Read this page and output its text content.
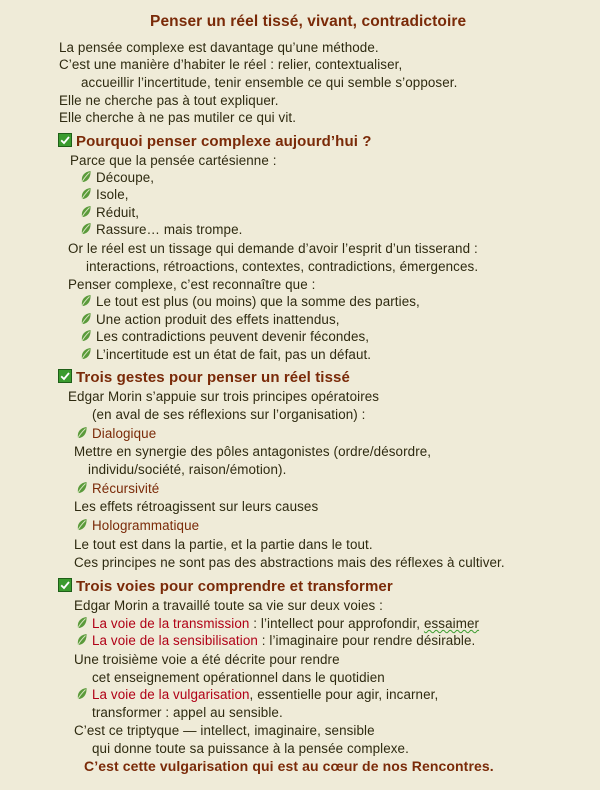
Penser un réel tissé, vivant, contradictoire
La pensée complexe est davantage qu’une méthode.
C’est une manière d’habiter le réel : relier, contextualiser,
accueillir l’incertitude, tenir ensemble ce qui semble s’opposer.
Elle ne cherche pas à tout expliquer.
Elle cherche à ne pas mutiler ce qui vit.
Pourquoi penser complexe aujourd’hui ?
Parce que la pensée cartésienne :
Découpe,
Isole,
Réduit,
Rassure… mais trompe.
Or le réel est un tissage qui demande d’avoir l’esprit d’un tisserand :
interactions, rétroactions, contextes, contradictions, émergences.
Penser complexe, c’est reconnaître que :
Le tout est plus (ou moins) que la somme des parties,
Une action produit des effets inattendus,
Les contradictions peuvent devenir fécondes,
L’incertitude est un état de fait, pas un défaut.
Trois gestes pour penser un réel tissé
Edgar Morin s’appuie sur trois principes opératoires
(en aval de ses réflexions sur l’organisation) :
Dialogique
Mettre en synergie des pôles antagonistes (ordre/désordre,
individu/société, raison/émotion).
Récursivité
Les effets rétroagissent sur leurs causes
Hologrammatique
Le tout est dans la partie, et la partie dans le tout.
Ces principes ne sont pas des abstractions mais des réflexes à cultiver.
Trois voies pour comprendre et transformer
Edgar Morin a travaillé toute sa vie sur deux voies :
La voie de la transmission : l’intellect pour approfondir, essaimer
La voie de la sensibilisation : l’imaginaire pour rendre désirable.
Une troisième voie a été décrite pour rendre
cet enseignement opérationnel dans le quotidien
La voie de la vulgarisation, essentielle pour agir, incarner,
transformer : appel au sensible.
C’est ce triptyque — intellect, imaginaire, sensible
qui donne toute sa puissance à la pensée complexe.
C’est cette vulgarisation qui est au cœur de nos Rencontres.
